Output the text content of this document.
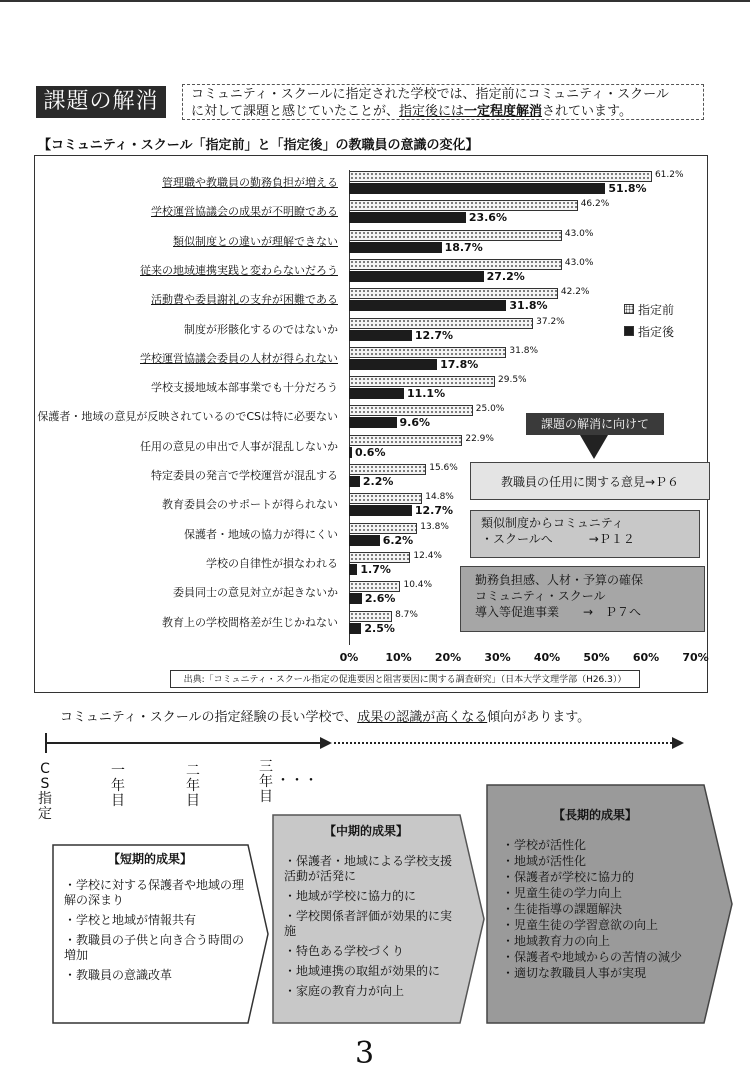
課題の解消	コミュニティ・スクールに指定された学校では、指定前にコミュニティ・スクール
に対して課題と感じていたことが、指定後には一定程度解消されています。
【コミュニティ・スクール「指定前」と「指定後」の教職員の意識の変化】
管理職や教職員の勤務負担が増える
61.2%
51.8%
学校運営協議会の成果が不明瞭である
46.2%
23.6%
類似制度との違いが理解できない
43.0%
18.7%
従来の地域連携実践と変わらないだろう
43.0%
27.2%
活動費や委員謝礼の支弁が困難である
42.2%
31.8%
制度が形骸化するのではないか
37.2%
12.7%
学校運営協議会委員の人材が得られない
31.8%
17.8%
学校支援地域本部事業でも十分だろう
29.5%
11.1%
保護者・地域の意見が反映されているのでCSは特に必要ない
25.0%
9.6%
任用の意見の申出で人事が混乱しないか
22.9%
0.6%
特定委員の発言で学校運営が混乱する
15.6%
2.2%
教育委員会のサポートが得られない
14.8%
12.7%
保護者・地域の協力が得にくい
13.8%
6.2%
学校の自律性が損なわれる
12.4%
1.7%
委員同士の意見対立が起きないか
10.4%
2.6%
教育上の学校間格差が生じかねない
8.7%
2.5%
0% 10% 20% 30% 40% 50% 60% 70%
指定前
指定後
課題の解消に向けて
教職員の任用に関する意見→Ｐ６
類似制度からコミュニティ
・スクールへ　　　→Ｐ１２
勤務負担感、人材・予算の確保
コミュニティ・スクール
導入等促進事業　　→　Ｐ７へ
出典:「コミュニティ・スクール指定の促進要因と阻害要因に関する調査研究」（日本大学文理学部（H26.3））
コミュニティ・スクールの指定経験の長い学校で、成果の認識が高くなる傾向があります。
CS指定
一年目
二年目
三年目
・・・
【短期的成果】
・学校に対する保護者や地域の理解の深まり
・学校と地域が情報共有
・教職員の子供と向き合う時間の増加
・教職員の意識改革
【中期的成果】
・保護者・地域による学校支援活動が活発に
・地域が学校に協力的に
・学校関係者評価が効果的に実施
・特色ある学校づくり
・地域連携の取組が効果的に
・家庭の教育力が向上
【長期的成果】
・学校が活性化
・地域が活性化
・保護者が学校に協力的
・児童生徒の学力向上
・生徒指導の課題解決
・児童生徒の学習意欲の向上
・地域教育力の向上
・保護者や地域からの苦情の減少
・適切な教職員人事が実現
3
